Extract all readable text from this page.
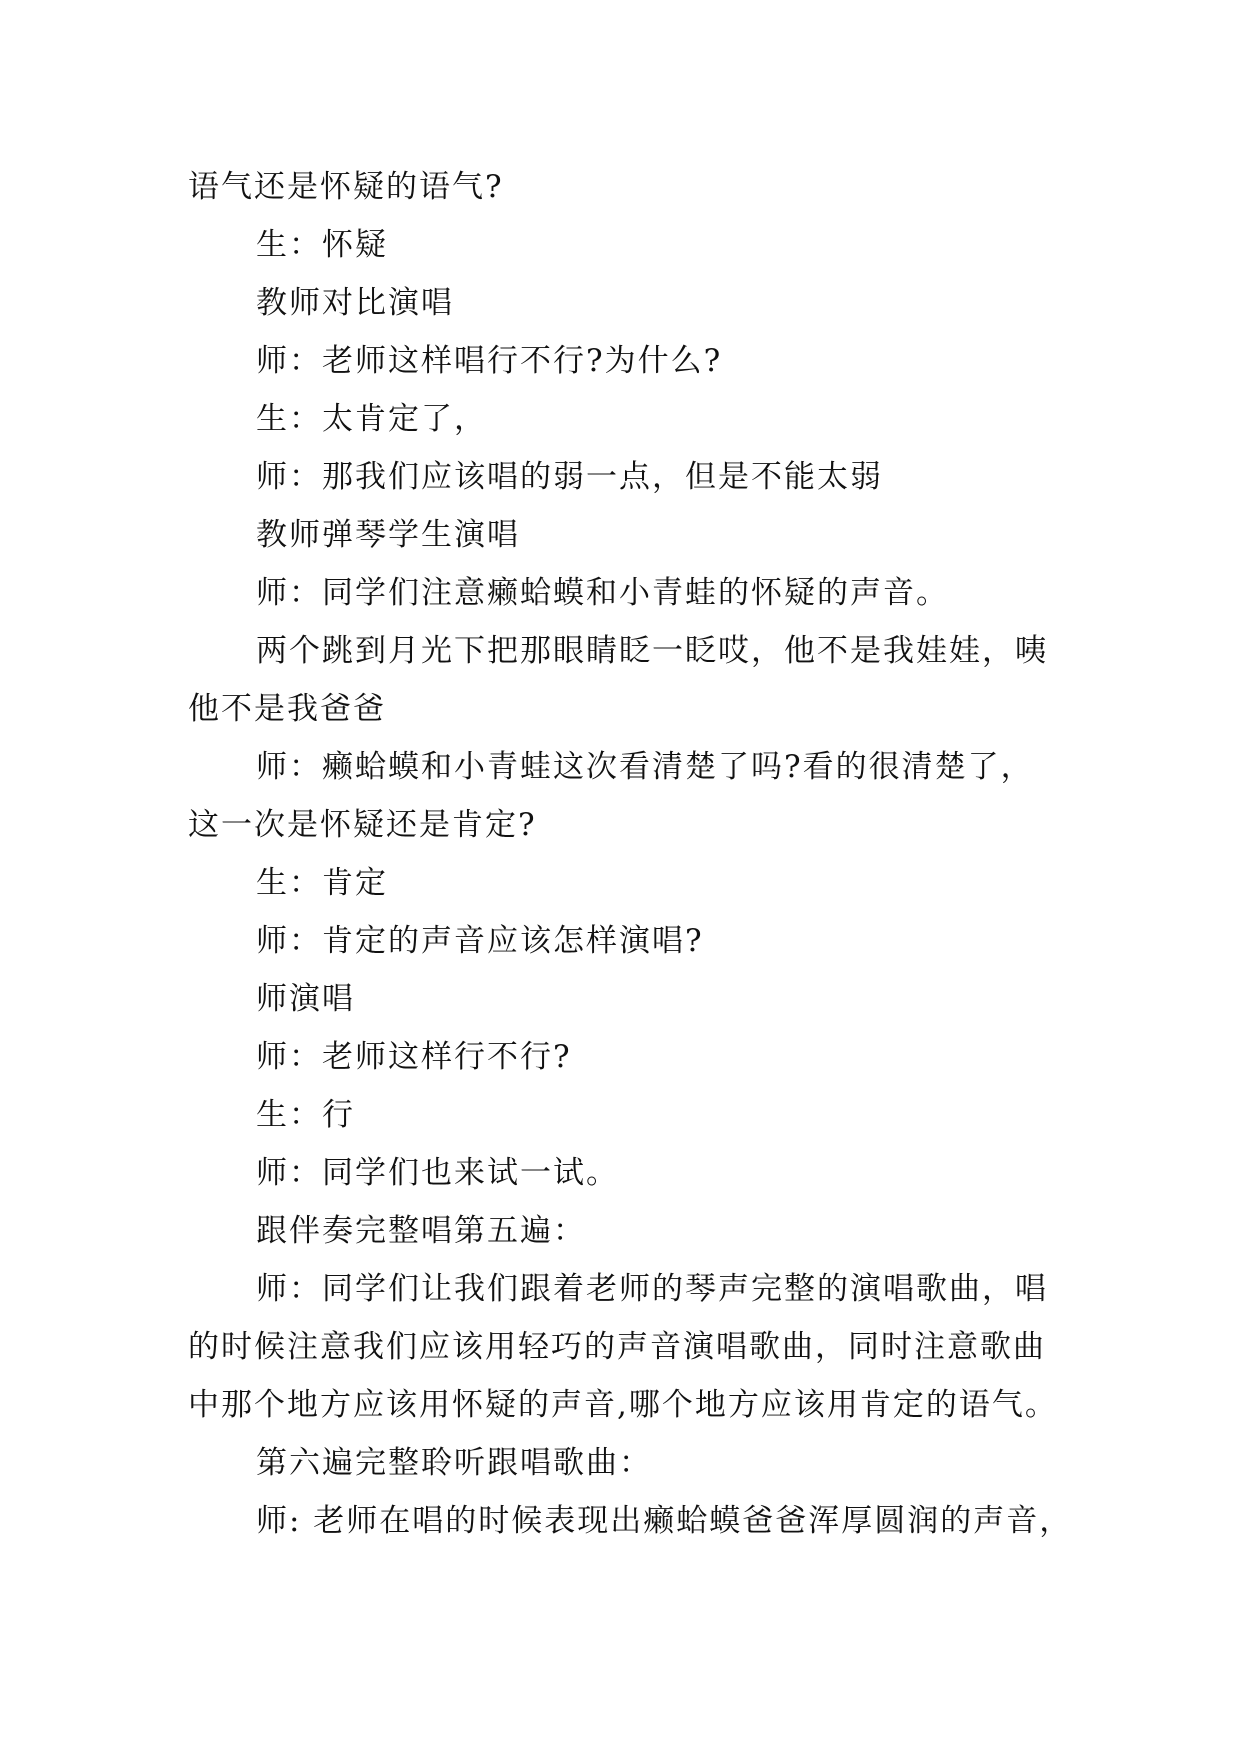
语气还是怀疑的语气?
生：怀疑
教师对比演唱
师：老师这样唱行不行?为什么?
生：太肯定了，
师：那我们应该唱的弱一点，但是不能太弱
教师弹琴学生演唱
师：同学们注意癞蛤蟆和小青蛙的怀疑的声音。
两个跳到月光下把那眼睛眨一眨哎，他不是我娃娃，咦
他不是我爸爸
师：癞蛤蟆和小青蛙这次看清楚了吗?看的很清楚了，
这一次是怀疑还是肯定?
生：肯定
师：肯定的声音应该怎样演唱?
师演唱
师：老师这样行不行?
生：行
师：同学们也来试一试。
跟伴奏完整唱第五遍：
师：同学们让我们跟着老师的琴声完整的演唱歌曲，唱
的时候注意我们应该用轻巧的声音演唱歌曲，同时注意歌曲
中那个地方应该用怀疑的声音,哪个地方应该用肯定的语气。
第六遍完整聆听跟唱歌曲：
师: 老师在唱的时候表现出癞蛤蟆爸爸浑厚圆润的声音，
